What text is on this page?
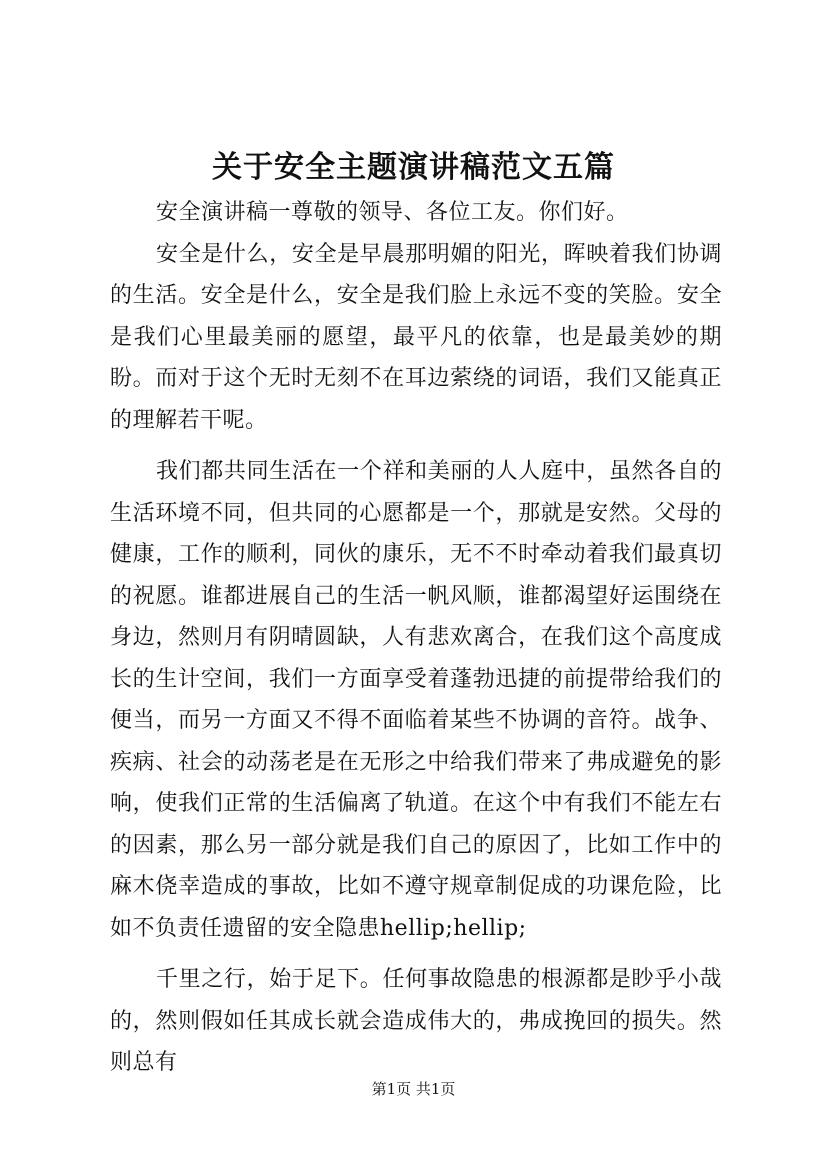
关于安全主题演讲稿范文五篇

安全演讲稿一尊敬的领导、各位工友。你们好。

安全是什么，安全是早晨那明媚的阳光，晖映着我们协调的生活。安全是什么，安全是我们脸上永远不变的笑脸。安全是我们心里最美丽的愿望，最平凡的依靠，也是最美妙的期盼。而对于这个无时无刻不在耳边萦绕的词语，我们又能真正的理解若干呢。

我们都共同生活在一个祥和美丽的人人庭中，虽然各自的生活环境不同，但共同的心愿都是一个，那就是安然。父母的健康，工作的顺利，同伙的康乐，无不不时牵动着我们最真切的祝愿。谁都进展自己的生活一帆风顺，谁都渴望好运围绕在身边，然则月有阴晴圆缺，人有悲欢离合，在我们这个高度成长的生计空间，我们一方面享受着蓬勃迅捷的前提带给我们的便当，而另一方面又不得不面临着某些不协调的音符。战争、疾病、社会的动荡老是在无形之中给我们带来了弗成避免的影响，使我们正常的生活偏离了轨道。在这个中有我们不能左右的因素，那么另一部分就是我们自己的原因了，比如工作中的麻木侥幸造成的事故，比如不遵守规章制促成的功课危险，比如不负责任遗留的安全隐患hellip;hellip;

千里之行，始于足下。任何事故隐患的根源都是眇乎小哉的，然则假如任其成长就会造成伟大的，弗成挽回的损失。然则总有

第1页 共1页
